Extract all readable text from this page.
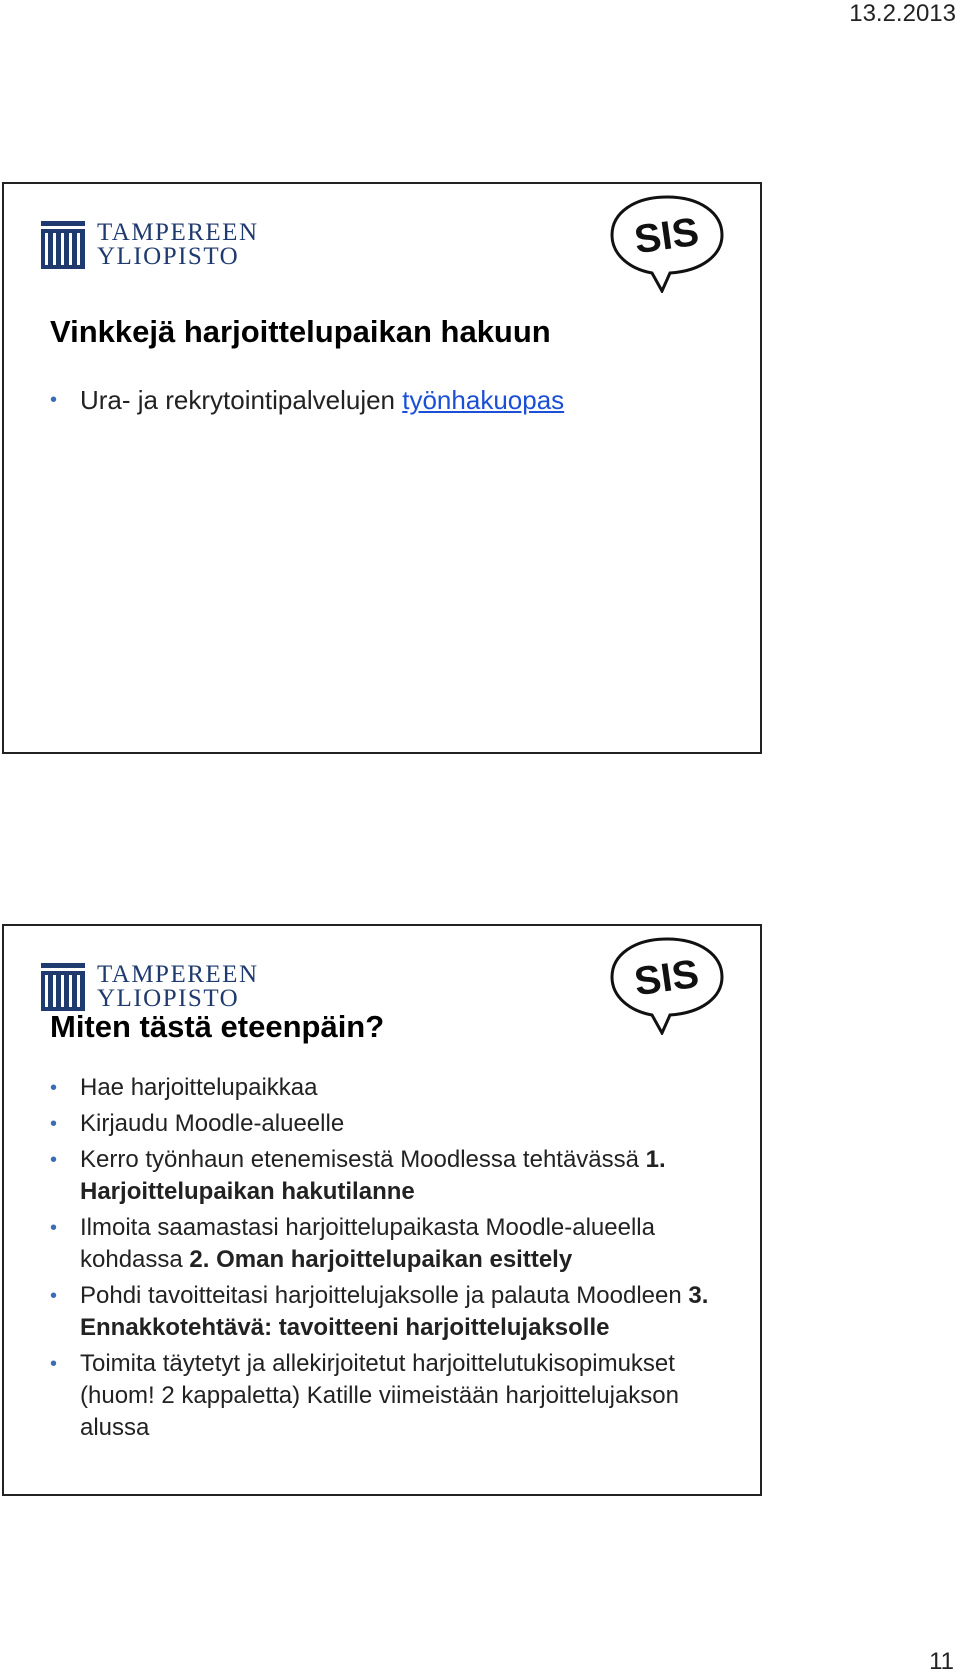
13.2.2013
TAMPEREEN
YLIOPISTO	SIS
Vinkkejä harjoittelupaikan hakuun
• Ura- ja rekrytointipalvelujen työnhakuopas
TAMPEREEN
YLIOPISTO	SIS
Miten tästä eteenpäin?
• Hae harjoittelupaikkaa
• Kirjaudu Moodle-alueelle
• Kerro työnhaun etenemisestä Moodlessa tehtävässä 1. Harjoittelupaikan hakutilanne
• Ilmoita saamastasi harjoittelupaikasta Moodle-alueella kohdassa 2. Oman harjoittelupaikan esittely
• Pohdi tavoitteitasi harjoittelujaksolle ja palauta Moodleen 3. Ennakkotehtävä: tavoitteeni harjoittelujaksolle
• Toimita täytetyt ja allekirjoitetut harjoittelutukisopimukset (huom! 2 kappaletta) Katille viimeistään harjoittelujakson alussa
11
